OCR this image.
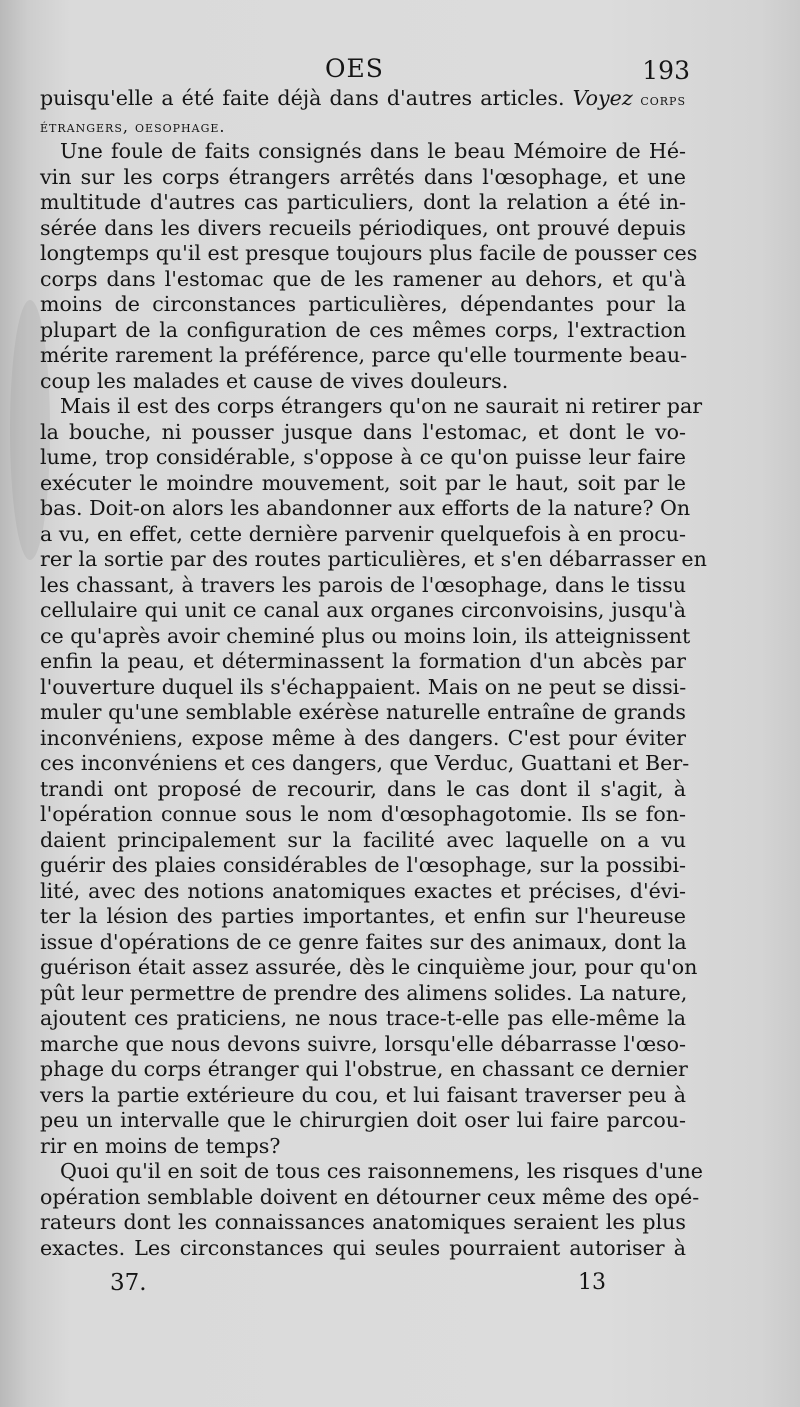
OES	193

puisqu'elle a été faite déjà dans d'autres articles. Voyez corps

étrangers, oesophage.

Une foule de faits consignés dans le beau Mémoire de Hé-

vin sur les corps étrangers arrêtés dans l'œsophage, et une

multitude d'autres cas particuliers, dont la relation a été in-

sérée dans les divers recueils périodiques, ont prouvé depuis

longtemps qu'il est presque toujours plus facile de pousser ces

corps dans l'estomac que de les ramener au dehors, et qu'à

moins de circonstances particulières, dépendantes pour la

plupart de la configuration de ces mêmes corps, l'extraction

mérite rarement la préférence, parce qu'elle tourmente beau-

coup les malades et cause de vives douleurs.

Mais il est des corps étrangers qu'on ne saurait ni retirer par

la bouche, ni pousser jusque dans l'estomac, et dont le vo-

lume, trop considérable, s'oppose à ce qu'on puisse leur faire

exécuter le moindre mouvement, soit par le haut, soit par le

bas. Doit-on alors les abandonner aux efforts de la nature? On

a vu, en effet, cette dernière parvenir quelquefois à en procu-

rer la sortie par des routes particulières, et s'en débarrasser en

les chassant, à travers les parois de l'œsophage, dans le tissu

cellulaire qui unit ce canal aux organes circonvoisins, jusqu'à

ce qu'après avoir cheminé plus ou moins loin, ils atteignissent

enfin la peau, et déterminassent la formation d'un abcès par

l'ouverture duquel ils s'échappaient. Mais on ne peut se dissi-

muler qu'une semblable exérèse naturelle entraîne de grands

inconvéniens, expose même à des dangers. C'est pour éviter

ces inconvéniens et ces dangers, que Verduc, Guattani et Ber-

trandi ont proposé de recourir, dans le cas dont il s'agit, à

l'opération connue sous le nom d'œsophagotomie. Ils se fon-

daient principalement sur la facilité avec laquelle on a vu

guérir des plaies considérables de l'œsophage, sur la possibi-

lité, avec des notions anatomiques exactes et précises, d'évi-

ter la lésion des parties importantes, et enfin sur l'heureuse

issue d'opérations de ce genre faites sur des animaux, dont la

guérison était assez assurée, dès le cinquième jour, pour qu'on

pût leur permettre de prendre des alimens solides. La nature,

ajoutent ces praticiens, ne nous trace-t-elle pas elle-même la

marche que nous devons suivre, lorsqu'elle débarrasse l'œso-

phage du corps étranger qui l'obstrue, en chassant ce dernier

vers la partie extérieure du cou, et lui faisant traverser peu à

peu un intervalle que le chirurgien doit oser lui faire parcou-

rir en moins de temps?

Quoi qu'il en soit de tous ces raisonnemens, les risques d'une

opération semblable doivent en détourner ceux même des opé-

rateurs dont les connaissances anatomiques seraient les plus

exactes. Les circonstances qui seules pourraient autoriser à

37.	13
